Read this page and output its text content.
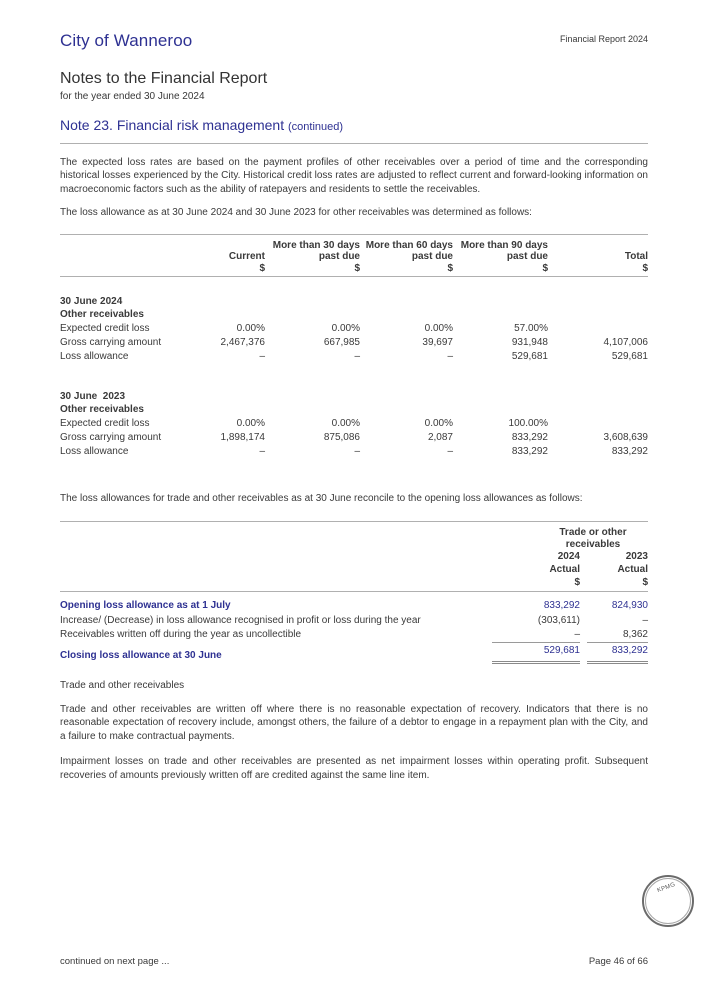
City of Wanneroo	Financial Report 2024
Notes to the Financial Report
for the year ended 30 June 2024
Note 23. Financial risk management (continued)
The expected loss rates are based on the payment profiles of other receivables over a period of time and the corresponding historical losses experienced by the City. Historical credit loss rates are adjusted to reflect current and forward-looking information on macroeconomic factors such as the ability of ratepayers and residents to settle the receivables.
The loss allowance as at 30 June 2024 and 30 June 2023 for other receivables was determined as follows:
		More than 30 days	More than 60 days	More than 90 days	
	Current	past due	past due	past due	Total
	$	$	$	$	$

30 June 2024					
Other receivables					
Expected credit loss	0.00%	0.00%	0.00%	57.00%	
Gross carrying amount	2,467,376	667,985	39,697	931,948	4,107,006
Loss allowance	–	–	–	529,681	529,681

30 June  2023					
Other receivables					
Expected credit loss	0.00%	0.00%	0.00%	100.00%	
Gross carrying amount	1,898,174	875,086	2,087	833,292	3,608,639
Loss allowance	–	–	–	833,292	833,292
The loss allowances for trade and other receivables as at 30 June reconcile to the opening loss allowances as follows:

	Trade or other receivables	

	2024	2023
	Actual	Actual
	$	$
Opening loss allowance as at 1 July	833,292	824,930
Increase/ (Decrease) in loss allowance recognised in profit or loss during the year	(303,611)	–
Receivables written off during the year as uncollectible	–	8,362
Closing loss allowance at 30 June	529,681	833,292
Trade and other receivables
Trade and other receivables are written off where there is no reasonable expectation of recovery. Indicators that there is no reasonable expectation of recovery include, amongst others, the failure of a debtor to engage in a repayment plan with the City, and a failure to make contractual payments.
Impairment losses on trade and other receivables are presented as net impairment losses within operating profit. Subsequent recoveries of amounts previously written off are credited against the same line item.
KPMG
continued on next page ...	Page 46 of 66
